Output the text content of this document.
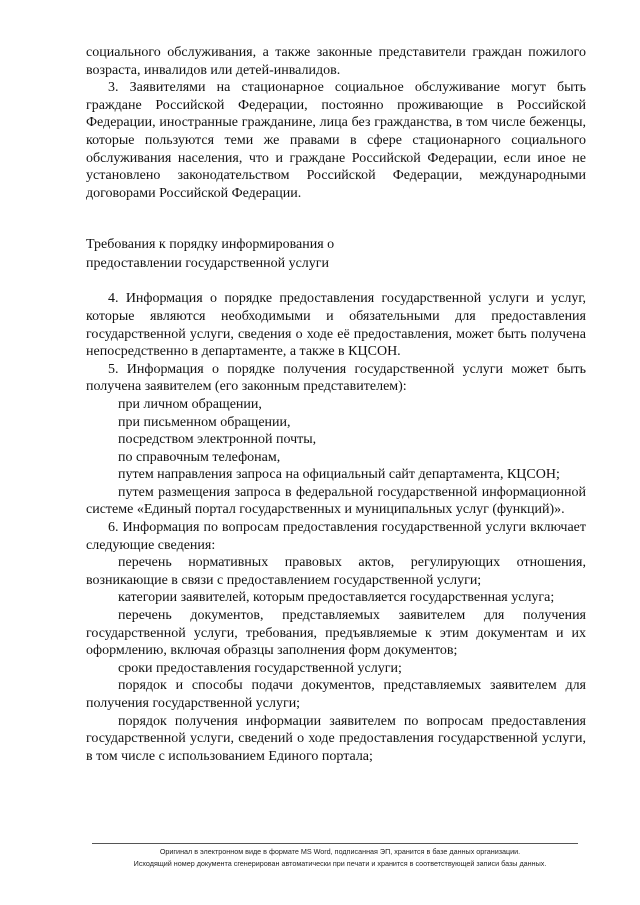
социального обслуживания, а также законные представители граждан пожилого возраста, инвалидов или детей-инвалидов.

3. Заявителями на стационарное социальное обслуживание могут быть граждане Российской Федерации, постоянно проживающие в Российской Федерации, иностранные гражданине, лица без гражданства, в том числе беженцы, которые пользуются теми же правами в сфере стационарного социального обслуживания населения, что и граждане Российской Федерации, если иное не установлено законодательством Российской Федерации, международными договорами Российской Федерации.

Требования к порядку информирования о

предоставлении государственной услуги

4. Информация о порядке предоставления государственной услуги и услуг, которые являются необходимыми и обязательными для предоставления государственной услуги, сведения о ходе её предоставления, может быть получена непосредственно в департаменте, а также в КЦСОН.

5. Информация о порядке получения государственной услуги может быть получена заявителем (его законным представителем):

при личном обращении,

при письменном обращении,

посредством электронной почты,

по справочным телефонам,

путем направления запроса на официальный сайт департамента, КЦСОН;

путем размещения запроса в федеральной государственной информационной системе «Единый портал государственных и муниципальных услуг (функций)».

6. Информация по вопросам предоставления государственной услуги включает следующие сведения:

перечень нормативных правовых актов, регулирующих отношения, возникающие в связи с предоставлением государственной услуги;

категории заявителей, которым предоставляется государственная услуга;

перечень документов, представляемых заявителем для получения государственной услуги, требования, предъявляемые к этим документам и их оформлению, включая образцы заполнения форм документов;

сроки предоставления государственной услуги;

порядок и способы подачи документов, представляемых заявителем для получения государственной услуги;

порядок получения информации заявителем по вопросам предоставления государственной услуги, сведений о ходе предоставления государственной услуги, в том числе с использованием Единого портала;

Оригинал в электронном виде в формате MS Word, подписанная ЭП, хранится в базе данных организации.
Исходящий номер документа сгенерирован автоматически при печати и хранится в соответствующей записи базы данных.
